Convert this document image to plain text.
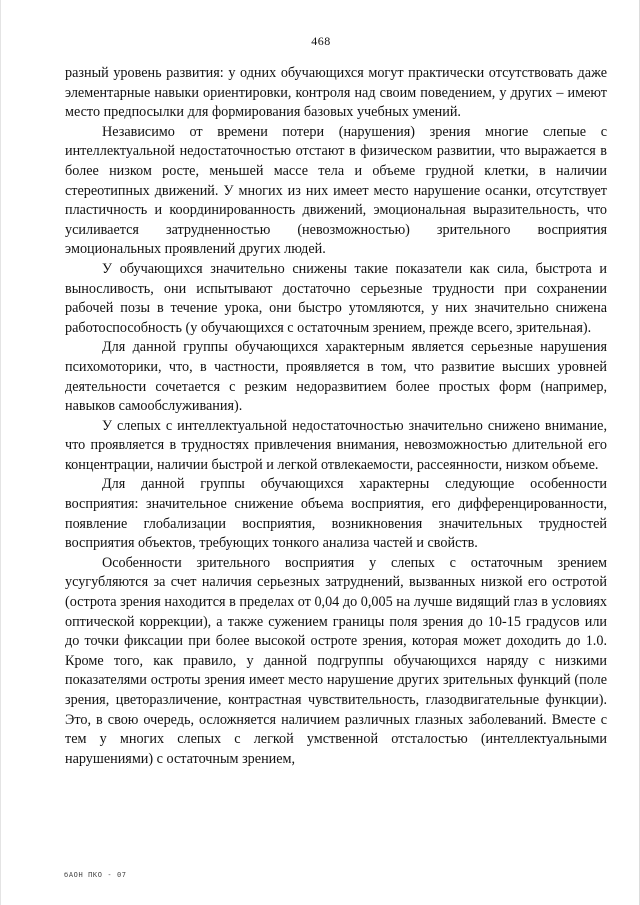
468

разный уровень развития: у одних обучающихся могут практически отсутствовать даже элементарные навыки ориентировки, контроля над своим поведением, у других – имеют место предпосылки для формирования базовых учебных умений.

Независимо от времени потери (нарушения) зрения многие слепые с интеллектуальной недостаточностью отстают в физическом развитии, что выражается в более низком росте, меньшей массе тела и объеме грудной клетки, в наличии стереотипных движений. У многих из них имеет место нарушение осанки, отсутствует пластичность и координированность движений, эмоциональная выразительность, что усиливается затрудненностью (невозможностью) зрительного восприятия эмоциональных проявлений других людей.

У обучающихся значительно снижены такие показатели как сила, быстрота и выносливость, они испытывают достаточно серьезные трудности при сохранении рабочей позы в течение урока, они быстро утомляются, у них значительно снижена работоспособность (у обучающихся с остаточным зрением, прежде всего, зрительная).

Для данной группы обучающихся характерным является серьезные нарушения психомоторики, что, в частности, проявляется в том, что развитие высших уровней деятельности сочетается с резким недоразвитием более простых форм (например, навыков самообслуживания).

У слепых с интеллектуальной недостаточностью значительно снижено внимание, что проявляется в трудностях привлечения внимания, невозможностью длительной его концентрации, наличии быстрой и легкой отвлекаемости, рассеянности, низком объеме.

Для данной группы обучающихся характерны следующие особенности восприятия: значительное снижение объема восприятия, его дифференцированности, появление глобализации восприятия, возникновения значительных трудностей восприятия объектов, требующих тонкого анализа частей и свойств.

Особенности зрительного восприятия у слепых с остаточным зрением усугубляются за счет наличия серьезных затруднений, вызванных низкой его остротой (острота зрения находится в пределах от 0,04 до 0,005 на лучше видящий глаз в условиях оптической коррекции), а также сужением границы поля зрения до 10-15 градусов или до точки фиксации при более высокой остроте зрения, которая может доходить до 1.0. Кроме того, как правило, у данной подгруппы обучающихся наряду с низкими показателями остроты зрения имеет место нарушение других зрительных функций (поле зрения, цветоразличение, контрастная чувствительность, глазодвигательные функции). Это, в свою очередь, осложняется наличием различных глазных заболеваний. Вместе с тем у многих слепых с легкой умственной отсталостью (интеллектуальными нарушениями) с остаточным зрением,

бАОН ПКО - 07
